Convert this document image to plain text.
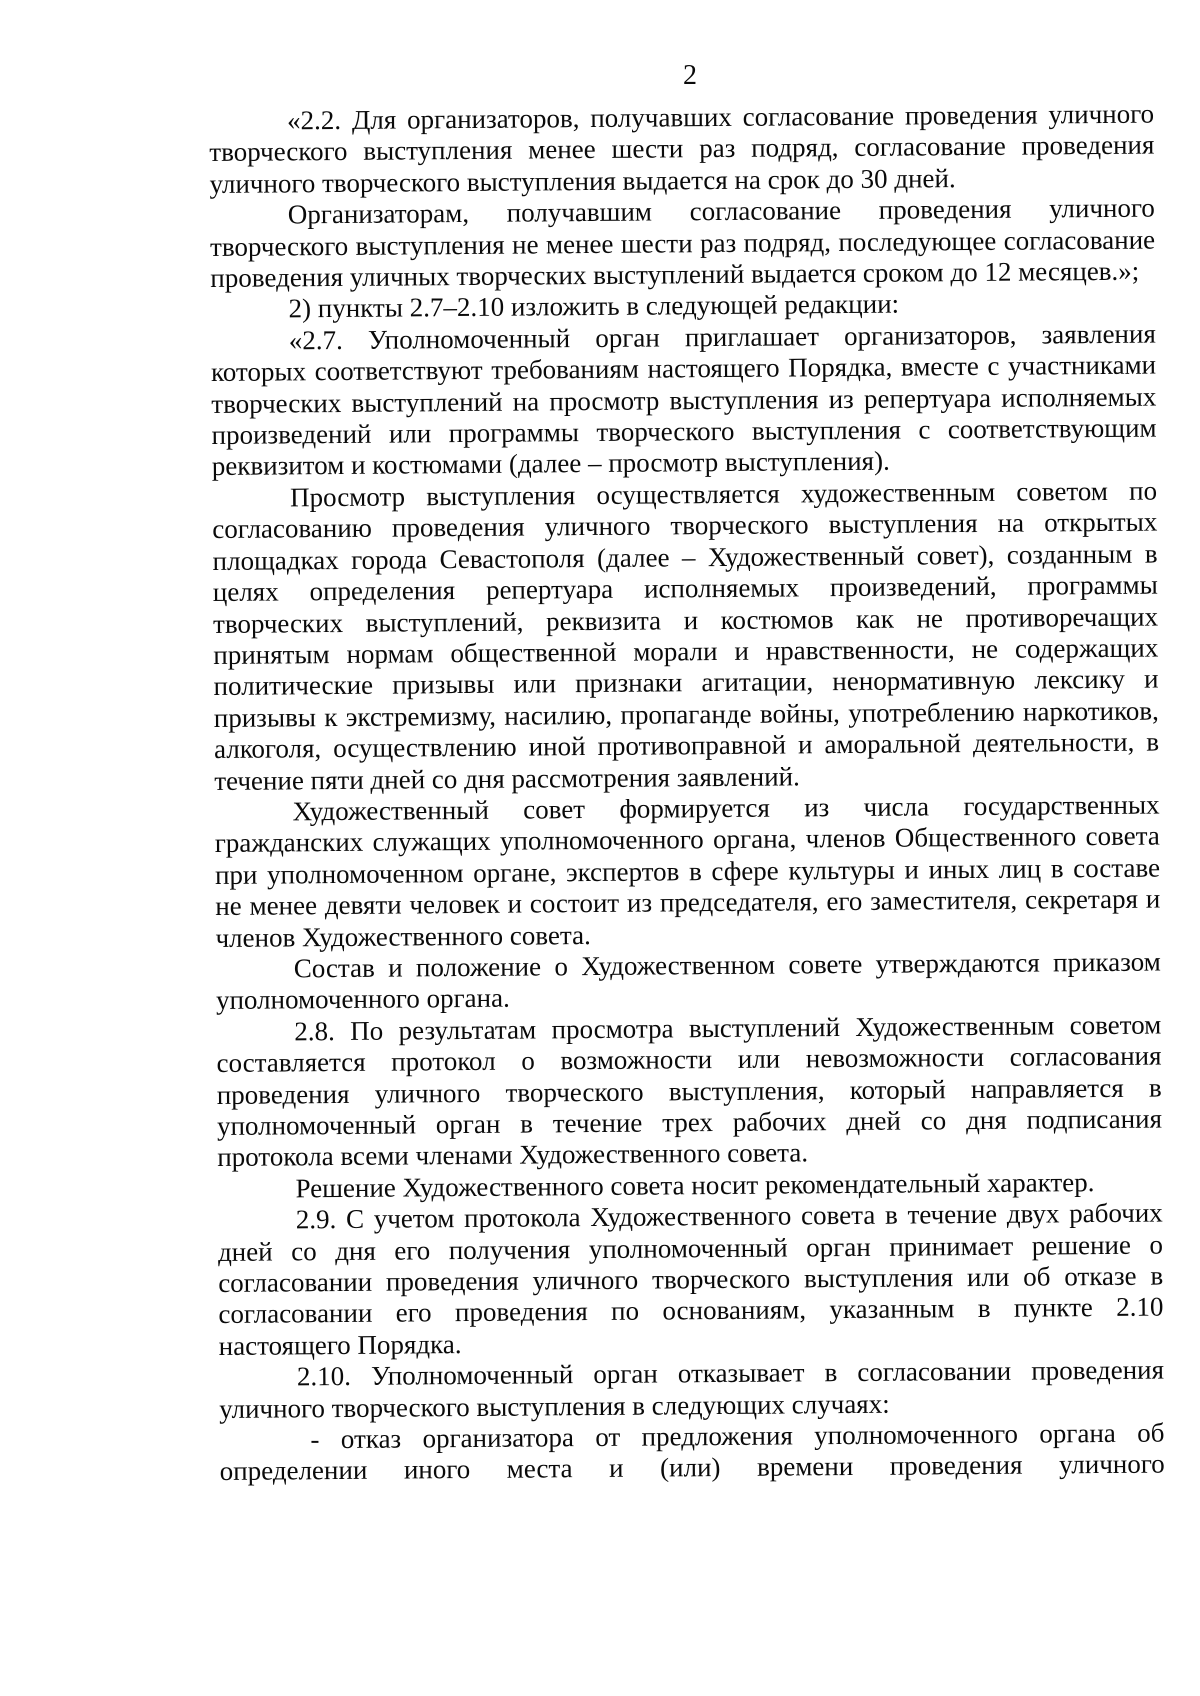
2

«2.2. Для организаторов, получавших согласование проведения уличного творческого выступления менее шести раз подряд, согласование проведения уличного творческого выступления выдается на срок до 30 дней.

Организаторам, получавшим согласование проведения уличного творческого выступления не менее шести раз подряд, последующее согласование проведения уличных творческих выступлений выдается сроком до 12 месяцев.»;

2) пункты 2.7–2.10 изложить в следующей редакции:

«2.7. Уполномоченный орган приглашает организаторов, заявления которых соответствуют требованиям настоящего Порядка, вместе с участниками творческих выступлений на просмотр выступления из репертуара исполняемых произведений или программы творческого выступления с соответствующим реквизитом и костюмами (далее – просмотр выступления).

Просмотр выступления осуществляется художественным советом по согласованию проведения уличного творческого выступления на открытых площадках города Севастополя (далее – Художественный совет), созданным в целях определения репертуара исполняемых произведений, программы творческих выступлений, реквизита и костюмов как не противоречащих принятым нормам общественной морали и нравственности, не содержащих политические призывы или признаки агитации, ненормативную лексику и призывы к экстремизму, насилию, пропаганде войны, употреблению наркотиков, алкоголя, осуществлению иной противоправной и аморальной деятельности, в течение пяти дней со дня рассмотрения заявлений.

Художественный совет формируется из числа государственных гражданских служащих уполномоченного органа, членов Общественного совета при уполномоченном органе, экспертов в сфере культуры и иных лиц в составе не менее девяти человек и состоит из председателя, его заместителя, секретаря и членов Художественного совета.

Состав и положение о Художественном совете утверждаются приказом уполномоченного органа.

2.8. По результатам просмотра выступлений Художественным советом составляется протокол о возможности или невозможности согласования проведения уличного творческого выступления, который направляется в уполномоченный орган в течение трех рабочих дней со дня подписания протокола всеми членами Художественного совета.

Решение Художественного совета носит рекомендательный характер.

2.9. С учетом протокола Художественного совета в течение двух рабочих дней со дня его получения уполномоченный орган принимает решение о согласовании проведения уличного творческого выступления или об отказе в согласовании его проведения по основаниям, указанным в пункте 2.10 настоящего Порядка.

2.10. Уполномоченный орган отказывает в согласовании проведения уличного творческого выступления в следующих случаях:

- отказ организатора от предложения уполномоченного органа об определении иного места и (или) времени проведения уличного
